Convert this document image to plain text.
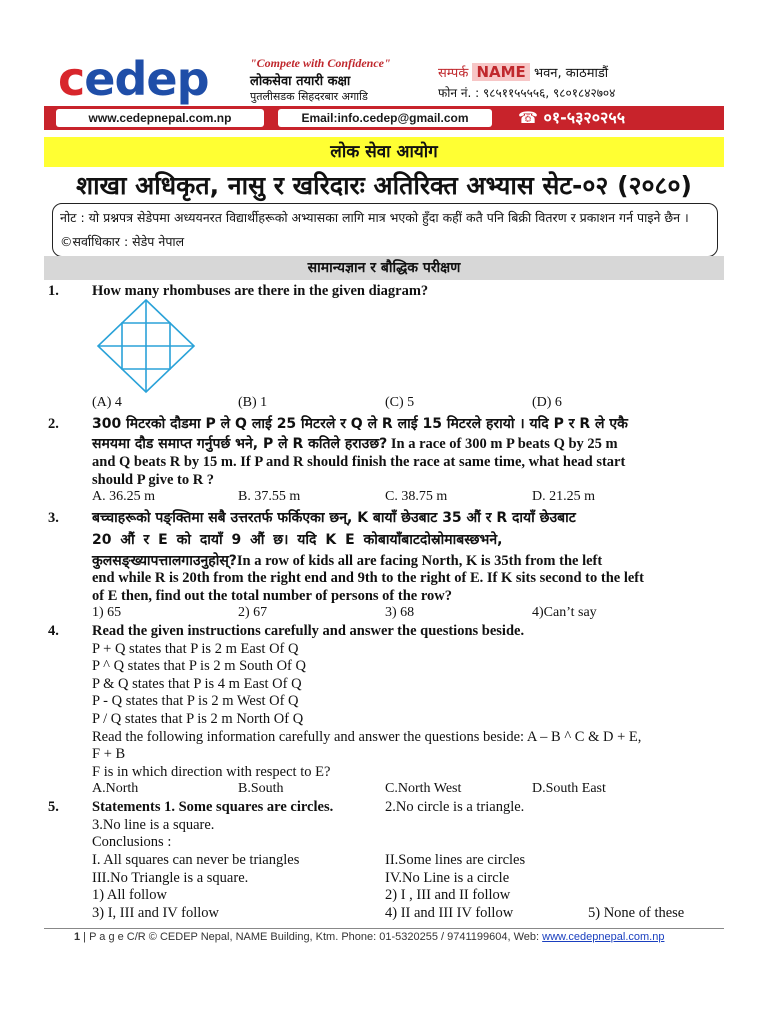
cedep	"Compete with Confidence"
लोकसेवा तयारी कक्षा
पुतलीसडक सिहदरबार अगाडि
सम्पर्क NAME भवन, काठमाडौं
फोन नं. : ९८५११५५५५६, ९८०१८४२७०४
www.cedepnepal.com.np	Email:info.cedep@gmail.com	☎ ०१-५३२०२५५
लोक सेवा आयोग
शाखा अधिकृत, नासु र खरिदारः अतिरिक्त अभ्यास सेट-०२ (२०८०)
नोट : यो प्रश्नपत्र सेडेपमा अध्ययनरत विद्यार्थीहरूको अभ्यासका लागि मात्र भएको हुँदा कहीं कतै पनि बिक्री वितरण र प्रकाशन गर्न पाइने छैन । ©सर्वाधिकार : सेडेप नेपाल
सामान्यज्ञान र बौद्धिक परीक्षण
1. How many rhombuses are there in the given diagram?
(A) 4	(B) 1	(C) 5	(D) 6
2. 300 मिटरको दौडमा P ले Q लाई 25 मिटरले र Q ले R लाई 15 मिटरले हरायो । यदि P र R ले एकै
समयमा दौड समाप्त गर्नुपर्छ भने, P ले R कतिले हराउछ? In a race of 300 m P beats Q by 25 m
and Q beats R by 15 m. If P and R should finish the race at same time, what head start
should P give to R ?
A. 36.25 m	B. 37.55 m	C. 38.75 m	D. 21.25 m
3. बच्चाहरूको पङ्क्तिमा सबै उत्तरतर्फ फर्किएका छन्, K बायाँ छेउबाट 35 औं र R दायाँ छेउबाट
20 औं र E को दायाँ 9 औं छ। यदि K E कोबायाँबाटदोस्रोमाबस्छभने,
कुलसङ्ख्यापत्तालगाउनुहोस्?In a row of kids all are facing North, K is 35th from the left
end while R is 20th from the right end and 9th to the right of E. If K sits second to the left
of E then, find out the total number of persons of the row?
1) 65	2) 67	3) 68	4)Can’t say
4. Read the given instructions carefully and answer the questions beside.
P + Q states that P is 2 m East Of Q
P ^ Q states that P is 2 m South Of Q
P & Q states that P is 4 m East Of Q
P - Q states that P is 2 m West Of Q
P / Q states that P is 2 m North Of Q
Read the following information carefully and answer the questions beside: A – B ^ C & D + E,
F + B
F is in which direction with respect to E?
A.North	B.South	C.North West	D.South East
5. Statements 1. Some squares are circles.	2.No circle is a triangle.
3.No line is a square.
Conclusions :
I. All squares can never be triangles	II.Some lines are circles
III.No Triangle is a square.	IV.No Line is a circle
1) All follow	2) I , III and II follow
3) I, III and IV follow	4) II and III IV follow	5) None of these
1 | P a g e C/R © CEDEP Nepal, NAME Building, Ktm. Phone: 01-5320255 / 9741199604, Web: www.cedepnepal.com.np
